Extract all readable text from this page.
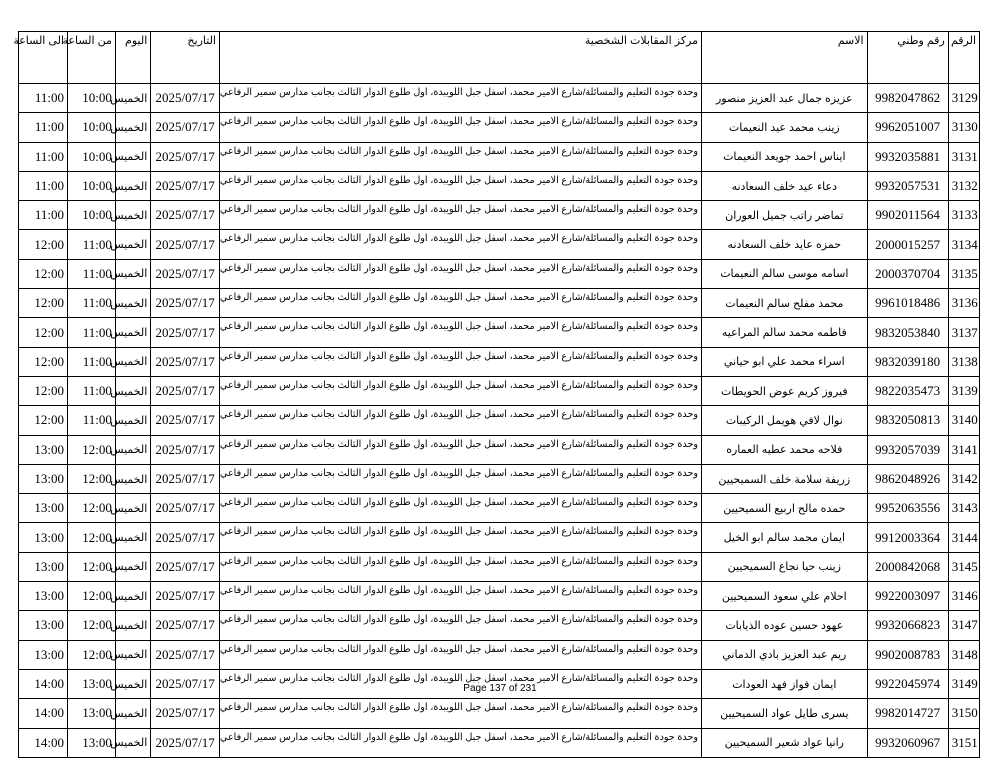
الرقم	رقم وطني	الاسم	مركز المقابلات الشخصية	التاريخ	اليوم	من الساعة	الى الساعة
3129	9982047862	عزيزه جمال عبد العزيز منصور	وحدة جودة التعليم والمسائلة/شارع الامير محمد، اسفل جبل اللويبدة، اول طلوع الدوار الثالث بجانب مدارس سمير الرفاعي	2025/07/17	الخميس	10:00	11:00
3130	9962051007	زينب محمد عيد النعيمات	وحدة جودة التعليم والمسائلة/شارع الامير محمد، اسفل جبل اللويبدة، اول طلوع الدوار الثالث بجانب مدارس سمير الرفاعي	2025/07/17	الخميس	10:00	11:00
3131	9932035881	ايناس احمد جويعد النعيمات	وحدة جودة التعليم والمسائلة/شارع الامير محمد، اسفل جبل اللويبدة، اول طلوع الدوار الثالث بجانب مدارس سمير الرفاعي	2025/07/17	الخميس	10:00	11:00
3132	9932057531	دعاء عيد خلف السعادنه	وحدة جودة التعليم والمسائلة/شارع الامير محمد، اسفل جبل اللويبدة، اول طلوع الدوار الثالث بجانب مدارس سمير الرفاعي	2025/07/17	الخميس	10:00	11:00
3133	9902011564	تماضر راتب جميل العوران	وحدة جودة التعليم والمسائلة/شارع الامير محمد، اسفل جبل اللويبدة، اول طلوع الدوار الثالث بجانب مدارس سمير الرفاعي	2025/07/17	الخميس	10:00	11:00
3134	2000015257	حمزه عايد خلف السعادنه	وحدة جودة التعليم والمسائلة/شارع الامير محمد، اسفل جبل اللويبدة، اول طلوع الدوار الثالث بجانب مدارس سمير الرفاعي	2025/07/17	الخميس	11:00	12:00
3135	2000370704	اسامه موسى سالم النعيمات	وحدة جودة التعليم والمسائلة/شارع الامير محمد، اسفل جبل اللويبدة، اول طلوع الدوار الثالث بجانب مدارس سمير الرفاعي	2025/07/17	الخميس	11:00	12:00
3136	9961018486	محمد مفلح سالم النعيمات	وحدة جودة التعليم والمسائلة/شارع الامير محمد، اسفل جبل اللويبدة، اول طلوع الدوار الثالث بجانب مدارس سمير الرفاعي	2025/07/17	الخميس	11:00	12:00
3137	9832053840	فاطمه محمد سالم المراعيه	وحدة جودة التعليم والمسائلة/شارع الامير محمد، اسفل جبل اللويبدة، اول طلوع الدوار الثالث بجانب مدارس سمير الرفاعي	2025/07/17	الخميس	11:00	12:00
3138	9832039180	اسراء محمد علي ابو حياني	وحدة جودة التعليم والمسائلة/شارع الامير محمد، اسفل جبل اللويبدة، اول طلوع الدوار الثالث بجانب مدارس سمير الرفاعي	2025/07/17	الخميس	11:00	12:00
3139	9822035473	فيروز كريم عوض الحويطات	وحدة جودة التعليم والمسائلة/شارع الامير محمد، اسفل جبل اللويبدة، اول طلوع الدوار الثالث بجانب مدارس سمير الرفاعي	2025/07/17	الخميس	11:00	12:00
3140	9832050813	نوال لافي هويمل الركيبات	وحدة جودة التعليم والمسائلة/شارع الامير محمد، اسفل جبل اللويبدة، اول طلوع الدوار الثالث بجانب مدارس سمير الرفاعي	2025/07/17	الخميس	11:00	12:00
3141	9932057039	فلاحه محمد عطيه العماره	وحدة جودة التعليم والمسائلة/شارع الامير محمد، اسفل جبل اللويبدة، اول طلوع الدوار الثالث بجانب مدارس سمير الرفاعي	2025/07/17	الخميس	12:00	13:00
3142	9862048926	زريفة سلامة خلف السميحيين	وحدة جودة التعليم والمسائلة/شارع الامير محمد، اسفل جبل اللويبدة، اول طلوع الدوار الثالث بجانب مدارس سمير الرفاعي	2025/07/17	الخميس	12:00	13:00
3143	9952063556	حمده مالح اربيع السميحيين	وحدة جودة التعليم والمسائلة/شارع الامير محمد، اسفل جبل اللويبدة، اول طلوع الدوار الثالث بجانب مدارس سمير الرفاعي	2025/07/17	الخميس	12:00	13:00
3144	9912003364	ايمان محمد سالم ابو الخيل	وحدة جودة التعليم والمسائلة/شارع الامير محمد، اسفل جبل اللويبدة، اول طلوع الدوار الثالث بجانب مدارس سمير الرفاعي	2025/07/17	الخميس	12:00	13:00
3145	2000842068	زينب حيا نجاع السميحيين	وحدة جودة التعليم والمسائلة/شارع الامير محمد، اسفل جبل اللويبدة، اول طلوع الدوار الثالث بجانب مدارس سمير الرفاعي	2025/07/17	الخميس	12:00	13:00
3146	9922003097	احلام علي سعود السميحيين	وحدة جودة التعليم والمسائلة/شارع الامير محمد، اسفل جبل اللويبدة، اول طلوع الدوار الثالث بجانب مدارس سمير الرفاعي	2025/07/17	الخميس	12:00	13:00
3147	9932066823	عهود حسين عوده الذيابات	وحدة جودة التعليم والمسائلة/شارع الامير محمد، اسفل جبل اللويبدة، اول طلوع الدوار الثالث بجانب مدارس سمير الرفاعي	2025/07/17	الخميس	12:00	13:00
3148	9902008783	ريم عبد العزيز بادي الدماني	وحدة جودة التعليم والمسائلة/شارع الامير محمد، اسفل جبل اللويبدة، اول طلوع الدوار الثالث بجانب مدارس سمير الرفاعي	2025/07/17	الخميس	12:00	13:00
3149	9922045974	ايمان فواز فهد العودات	وحدة جودة التعليم والمسائلة/شارع الامير محمد، اسفل جبل اللويبدة، اول طلوع الدوار الثالث بجانب مدارس سمير الرفاعي	2025/07/17	الخميس	13:00	14:00
3150	9982014727	يسرى طايل عواد السميحيين	وحدة جودة التعليم والمسائلة/شارع الامير محمد، اسفل جبل اللويبدة، اول طلوع الدوار الثالث بجانب مدارس سمير الرفاعي	2025/07/17	الخميس	13:00	14:00
3151	9932060967	رانيا عواد شعير السميحيين	وحدة جودة التعليم والمسائلة/شارع الامير محمد، اسفل جبل اللويبدة، اول طلوع الدوار الثالث بجانب مدارس سمير الرفاعي	2025/07/17	الخميس	13:00	14:00
Page 137 of 231
